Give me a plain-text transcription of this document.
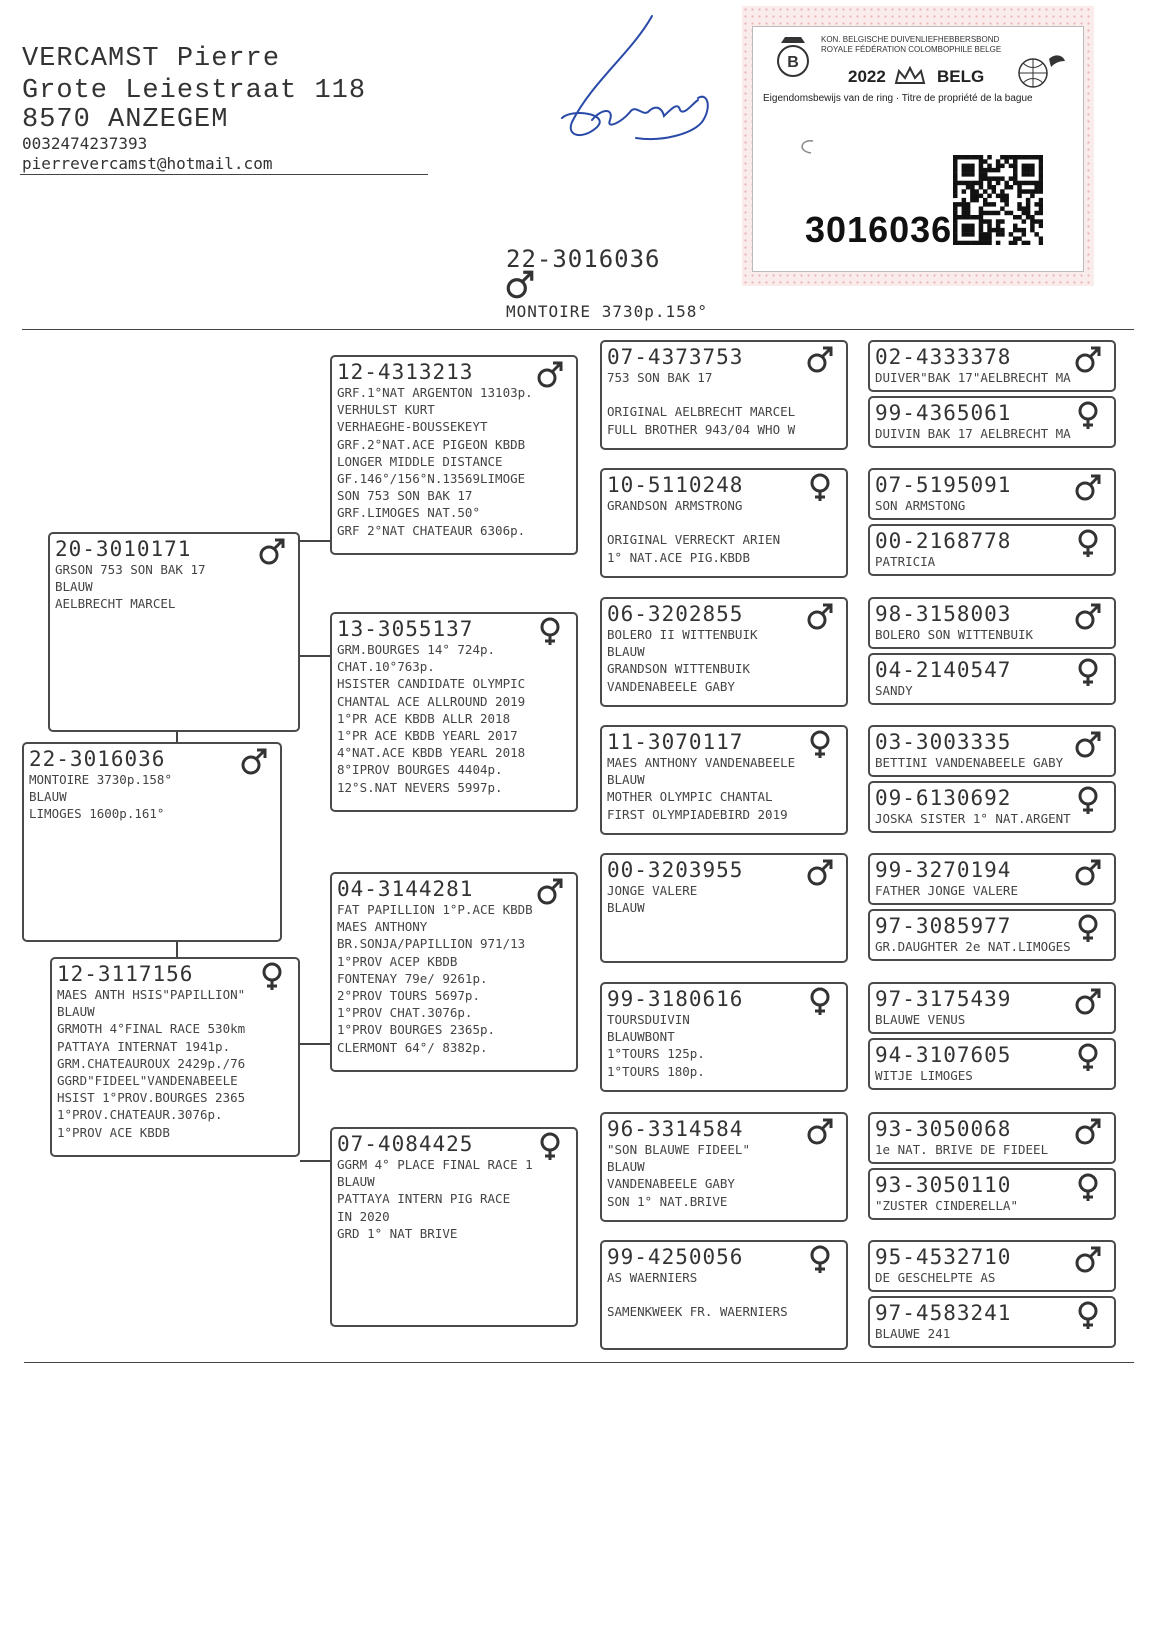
VERCAMST Pierre
Grote Leiestraat 118
8570 ANZEGEM
0032474237393
pierrevercamst@hotmail.com
B
KON. BELGISCHE DUIVENLIEFHEBBERSBOND
ROYALE FÉDÉRATION COLOMBOPHILE BELGE
2022	BELG
Eigendomsbewijs van de ring · Titre de propriété de la bague
3016036
22-3016036
MONTOIRE 3730p.158°
22-3016036
MONTOIRE 3730p.158°
BLAUW
LIMOGES 1600p.161°
20-3010171
GRSON 753 SON BAK 17
BLAUW
AELBRECHT MARCEL
12-3117156
MAES ANTH HSIS"PAPILLION"
BLAUW
GRMOTH 4°FINAL RACE 530km
PATTAYA INTERNAT 1941p.
GRM.CHATEAUROUX 2429p./76
GGRD"FIDEEL"VANDENABEELE
HSIST 1°PROV.BOURGES 2365
1°PROV.CHATEAUR.3076p.
1°PROV ACE KBDB
12-4313213
GRF.1°NAT ARGENTON 13103p.
VERHULST KURT
VERHAEGHE-BOUSSEKEYT
GRF.2°NAT.ACE PIGEON KBDB
LONGER MIDDLE DISTANCE
GF.146°/156°N.13569LIMOGE
SON 753 SON BAK 17
GRF.LIMOGES NAT.50°
GRF 2°NAT CHATEAUR 6306p.
13-3055137
GRM.BOURGES 14° 724p.
CHAT.10°763p.
HSISTER CANDIDATE OLYMPIC
CHANTAL ACE ALLROUND 2019
1°PR ACE KBDB ALLR 2018
1°PR ACE KBDB YEARL 2017
4°NAT.ACE KBDB YEARL 2018
8°IPROV BOURGES 4404p.
12°S.NAT NEVERS 5997p.
04-3144281
FAT PAPILLION 1°P.ACE KBDB
MAES ANTHONY
BR.SONJA/PAPILLION 971/13
1°PROV ACEP KBDB
FONTENAY 79e/ 9261p.
2°PROV TOURS 5697p.
1°PROV CHAT.3076p.
1°PROV BOURGES 2365p.
CLERMONT 64°/ 8382p.
07-4084425
GGRM 4° PLACE FINAL RACE 1
BLAUW
PATTAYA INTERN PIG RACE
IN 2020
GRD 1° NAT BRIVE
07-4373753
753 SON BAK 17
ORIGINAL AELBRECHT MARCEL
FULL BROTHER 943/04 WHO W
10-5110248
GRANDSON ARMSTRONG
ORIGINAL VERRECKT ARIEN
1° NAT.ACE PIG.KBDB
06-3202855
BOLERO II WITTENBUIK
BLAUW
GRANDSON WITTENBUIK
VANDENABEELE GABY
11-3070117
MAES ANTHONY VANDENABEELE
BLAUW
MOTHER OLYMPIC CHANTAL
FIRST OLYMPIADEBIRD 2019
00-3203955
JONGE VALERE
BLAUW
99-3180616
TOURSDUIVIN
BLAUWBONT
1°TOURS 125p.
1°TOURS 180p.
96-3314584
"SON BLAUWE FIDEEL"
BLAUW
VANDENABEELE GABY
SON 1° NAT.BRIVE
99-4250056
AS WAERNIERS
SAMENKWEEK FR. WAERNIERS
02-4333378
DUIVER"BAK 17"AELBRECHT MA
99-4365061
DUIVIN BAK 17 AELBRECHT MA
07-5195091
SON ARMSTONG
00-2168778
PATRICIA
98-3158003
BOLERO SON WITTENBUIK
04-2140547
SANDY
03-3003335
BETTINI VANDENABEELE GABY
09-6130692
JOSKA SISTER 1° NAT.ARGENT
99-3270194
FATHER JONGE VALERE
97-3085977
GR.DAUGHTER 2e NAT.LIMOGES
97-3175439
BLAUWE VENUS
94-3107605
WITJE LIMOGES
93-3050068
1e NAT. BRIVE DE FIDEEL
93-3050110
"ZUSTER CINDERELLA"
95-4532710
DE GESCHELPTE AS
97-4583241
BLAUWE 241
